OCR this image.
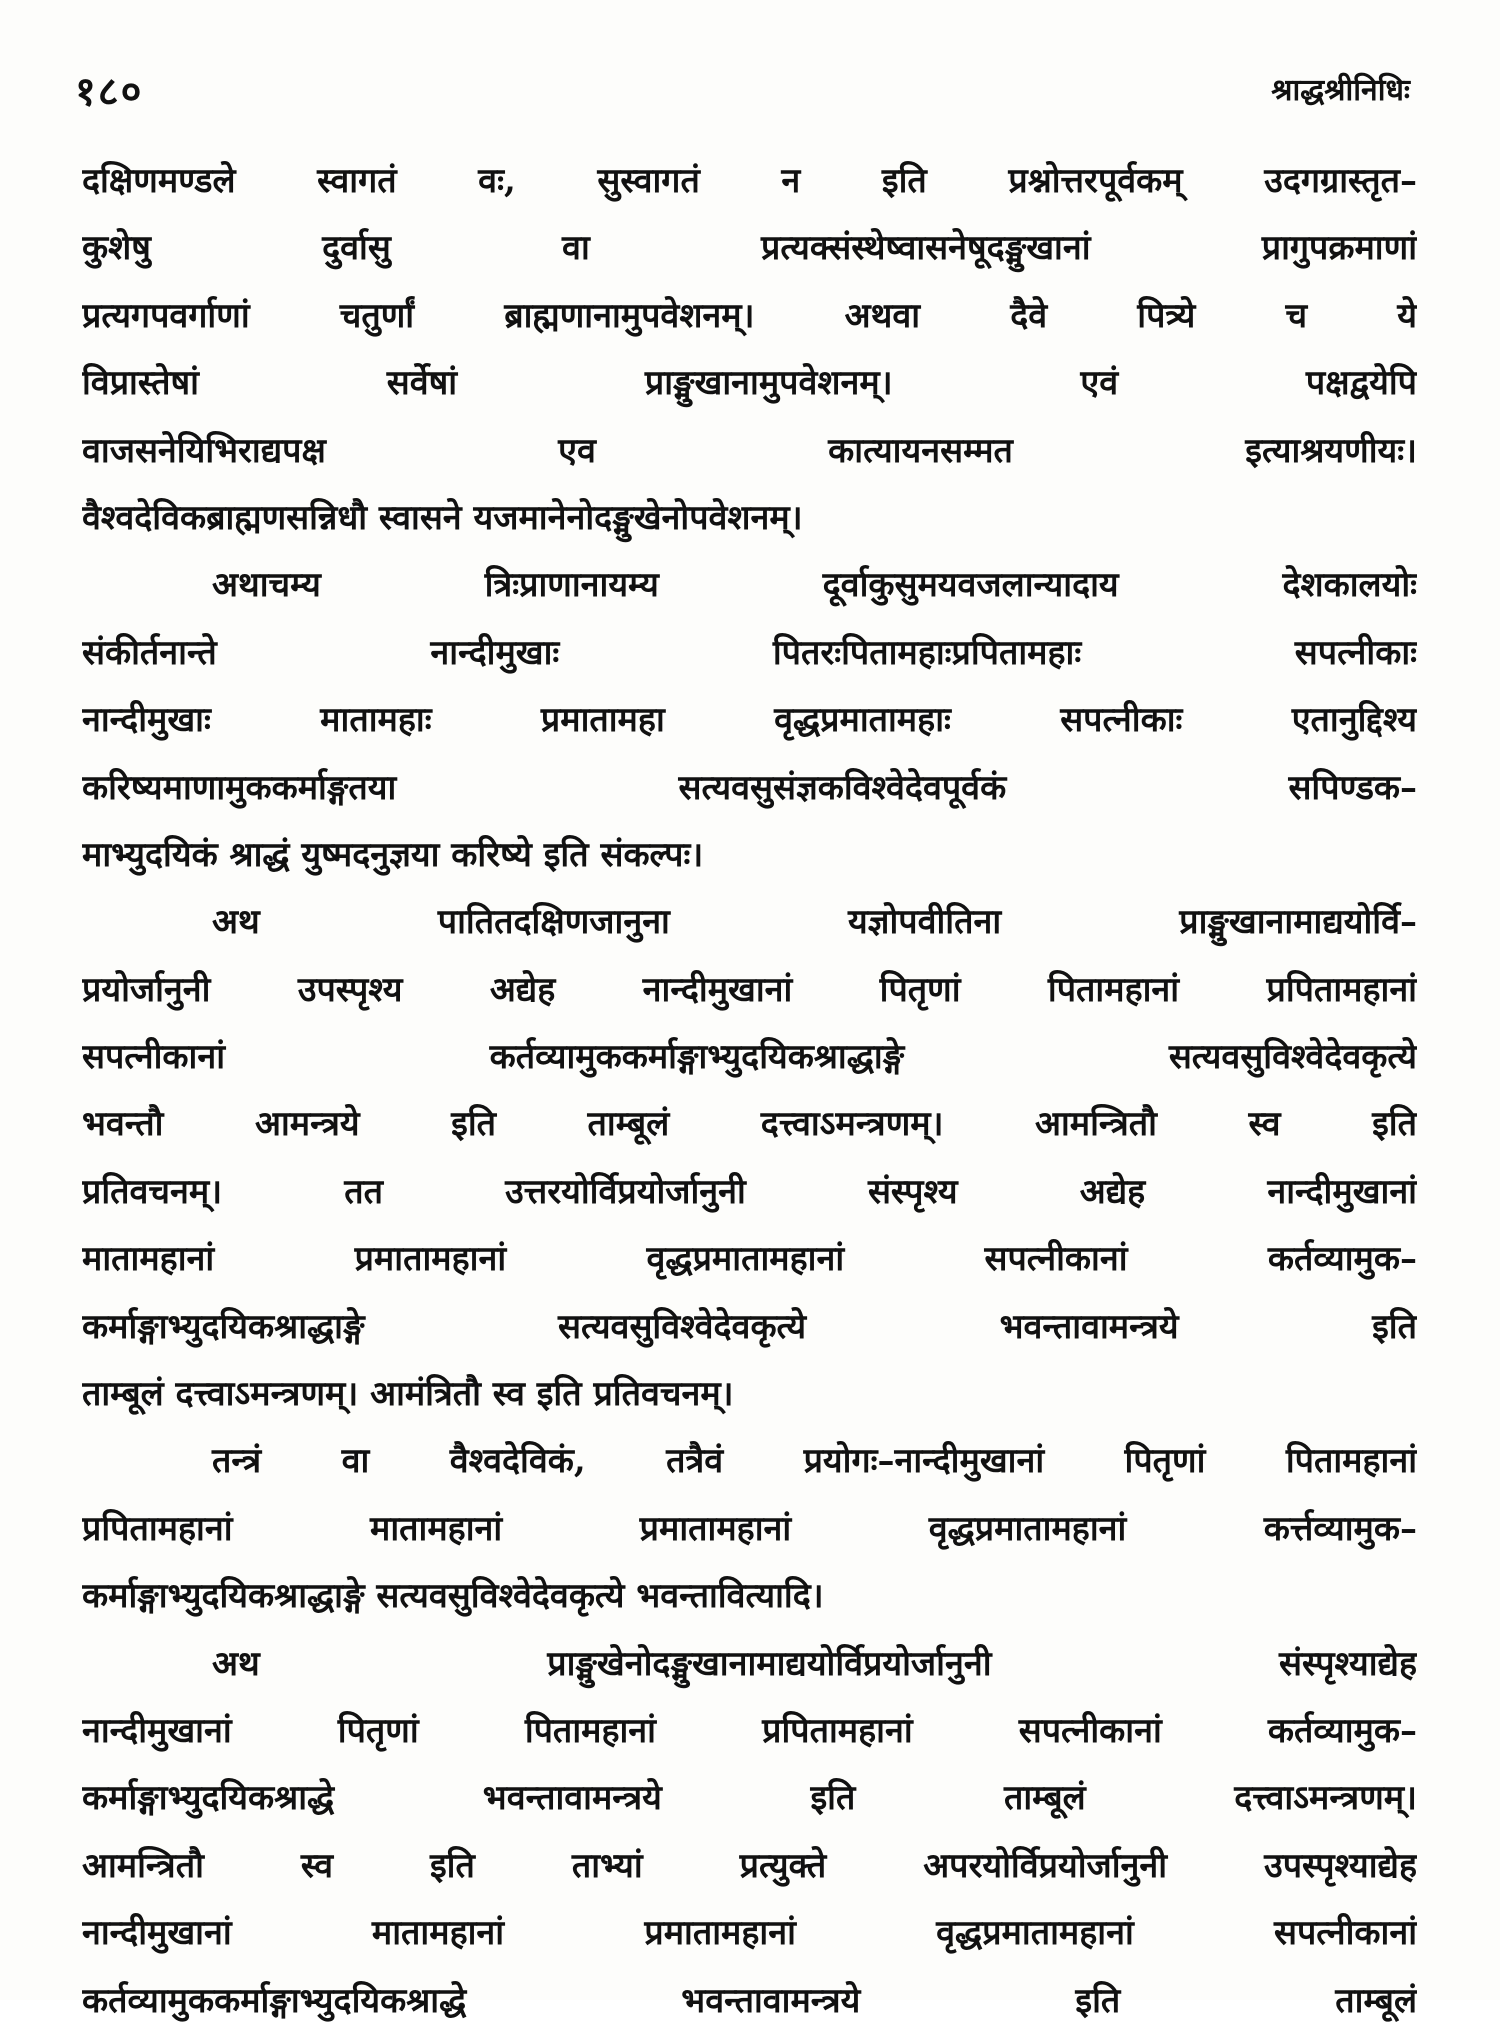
१८०	श्राद्धश्रीनिधिः
दक्षिणमण्डले स्वागतं वः, सुस्वागतं न इति प्रश्नोत्तरपूर्वकम् उदगग्रास्तृत–
कुशेषु दुर्वासु वा प्रत्यक्संस्थेष्वासनेषूदङ्मुखानां प्रागुपक्रमाणां
प्रत्यगपवर्गाणां चतुर्णां ब्राह्मणानामुपवेशनम्। अथवा दैवे पित्र्ये च ये
विप्रास्तेषां सर्वेषां प्राङ्मुखानामुपवेशनम्। एवं पक्षद्वयेपि
वाजसनेयिभिराद्यपक्ष एव कात्यायनसम्मत इत्याश्रयणीयः।
वैश्वदेविकब्राह्मणसन्निधौ स्वासने यजमानेनोदङ्मुखेनोपवेशनम्।
अथाचम्य त्रिःप्राणानायम्य दूर्वाकुसुमयवजलान्यादाय देशकालयोः
संकीर्तनान्ते नान्दीमुखाः पितरःपितामहाःप्रपितामहाः सपत्नीकाः
नान्दीमुखाः मातामहाः प्रमातामहा वृद्धप्रमातामहाः सपत्नीकाः एतानुद्दिश्य
करिष्यमाणामुककर्माङ्गतया सत्यवसुसंज्ञकविश्वेदेवपूर्वकं सपिण्डक–
माभ्युदयिकं श्राद्धं युष्मदनुज्ञया करिष्ये इति संकल्पः।
अथ पातितदक्षिणजानुना यज्ञोपवीतिना प्राङ्मुखानामाद्ययोर्वि–
प्रयोर्जानुनी उपस्पृश्य अद्येह नान्दीमुखानां पितृणां पितामहानां प्रपितामहानां
सपत्नीकानां कर्तव्यामुककर्माङ्गाभ्युदयिकश्राद्धाङ्गे सत्यवसुविश्वेदेवकृत्ये
भवन्तौ आमन्त्रये इति ताम्बूलं दत्त्वाऽमन्त्रणम्। आमन्त्रितौ स्व इति
प्रतिवचनम्। तत उत्तरयोर्विप्रयोर्जानुनी संस्पृश्य अद्येह नान्दीमुखानां
मातामहानां प्रमातामहानां वृद्धप्रमातामहानां सपत्नीकानां कर्तव्यामुक–
कर्माङ्गाभ्युदयिकश्राद्धाङ्गे सत्यवसुविश्वेदेवकृत्ये भवन्तावामन्त्रये इति
ताम्बूलं दत्त्वाऽमन्त्रणम्। आमंत्रितौ स्व इति प्रतिवचनम्।
तन्त्रं वा वैश्वदेविकं, तत्रैवं प्रयोगः–नान्दीमुखानां पितृणां पितामहानां
प्रपितामहानां मातामहानां प्रमातामहानां वृद्धप्रमातामहानां कर्त्तव्यामुक–
कर्माङ्गाभ्युदयिकश्राद्धाङ्गे सत्यवसुविश्वेदेवकृत्ये भवन्तावित्यादि।
अथ प्राङ्मुखेनोदङ्मुखानामाद्ययोर्विप्रयोर्जानुनी संस्पृश्याद्येह
नान्दीमुखानां पितृणां पितामहानां प्रपितामहानां सपत्नीकानां कर्तव्यामुक–
कर्माङ्गाभ्युदयिकश्राद्धे भवन्तावामन्त्रये इति ताम्बूलं दत्त्वाऽमन्त्रणम्।
आमन्त्रितौ स्व इति ताभ्यां प्रत्युक्ते अपरयोर्विप्रयोर्जानुनी उपस्पृश्याद्येह
नान्दीमुखानां मातामहानां प्रमातामहानां वृद्धप्रमातामहानां सपत्नीकानां
कर्तव्यामुककर्माङ्गाभ्युदयिकश्राद्धे भवन्तावामन्त्रये इति ताम्बूलं
